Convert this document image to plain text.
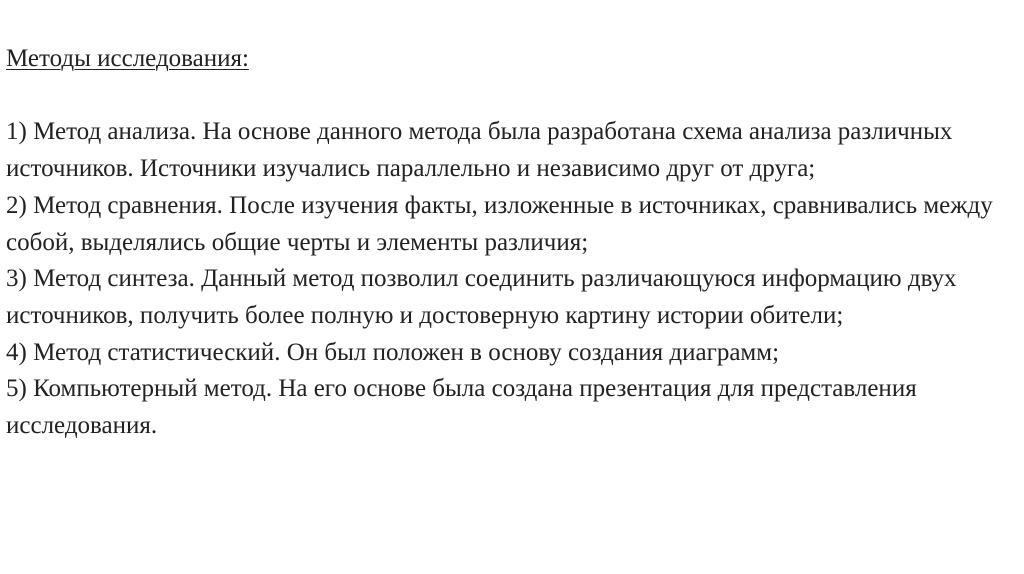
Методы исследования:

1) Метод анализа. На основе данного метода была разработана схема анализа различных источников. Источники изучались параллельно и независимо друг от друга;

2) Метод сравнения. После изучения факты, изложенные в источниках, сравнивались между собой, выделялись общие черты и элементы различия;

3) Метод синтеза. Данный метод позволил соединить различающуюся информацию двух источников, получить более полную и достоверную картину истории обители;

4) Метод статистический. Он был положен в основу создания диаграмм;

5) Компьютерный метод. На его основе была создана презентация для представления исследования.
